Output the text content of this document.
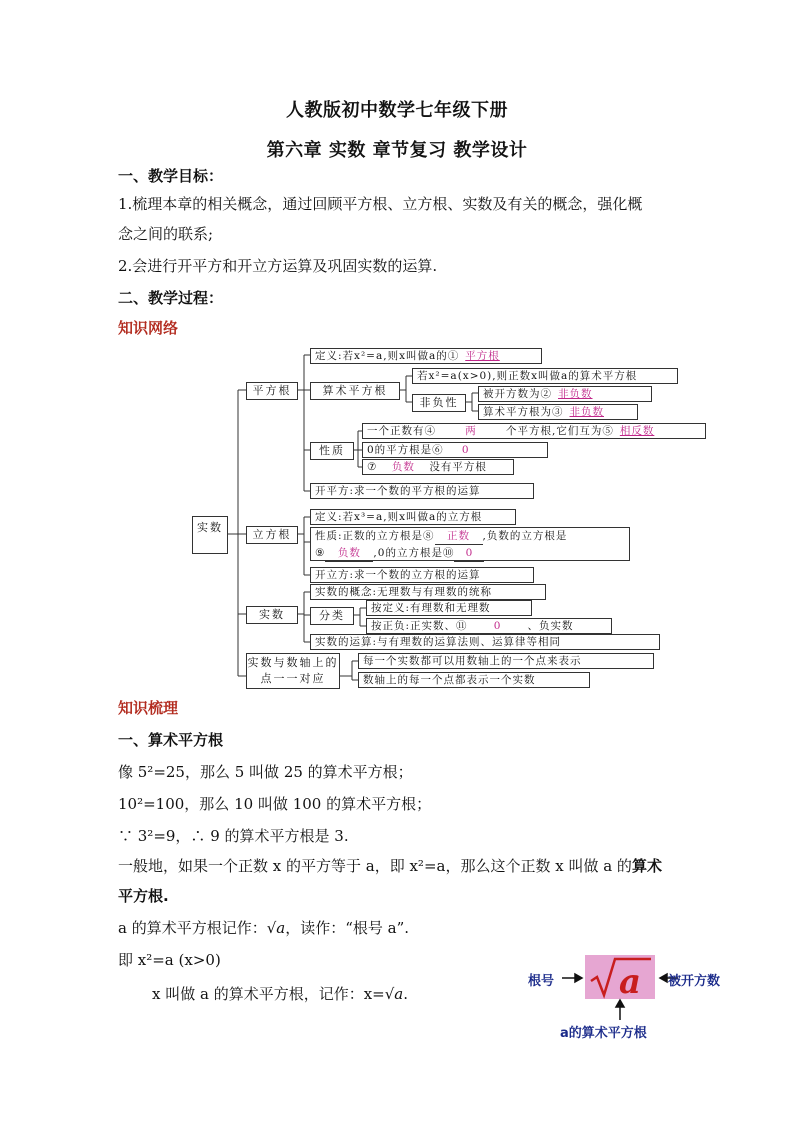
人教版初中数学七年级下册
第六章 实数 章节复习 教学设计
一、教学目标：
1.梳理本章的相关概念，通过回顾平方根、立方根、实数及有关的概念，强化概
念之间的联系;
2.会进行开平方和开立方运算及巩固实数的运算.
二、教学过程：
知识网络
实数
平方根
定义:若x²=a,则x叫做a的① 平方根
算术平方根
若x²=a(x>0),则正数x叫做a的算术平方根
非负性
被开方数为② 非负数
算术平方根为③ 非负数
性质
一个正数有④	两	个平方根,它们互为⑤ 相反数
0的平方根是⑥ 0
⑦ 负数 没有平方根
开平方:求一个数的平方根的运算
立方根
定义:若x³=a,则x叫做a的立方根
性质:正数的立方根是⑧ 正数 ,负数的立方根是
⑨ 负数 ,0的立方根是⑩ 0
开立方:求一个数的立方根的运算
实数
实数的概念:无理数与有理数的统称
分类
按定义:有理数和无理数
按正负:正实数、⑪ 0 、负实数
实数的运算:与有理数的运算法则、运算律等相同
实数与数轴上的点一一对应
每一个实数都可以用数轴上的一个点来表示
数轴上的每一个点都表示一个实数
知识梳理
一、算术平方根
像 5²=25，那么 5 叫做 25 的算术平方根；
10²=100，那么 10 叫做 100 的算术平方根；
∵ 3²=9，∴ 9 的算术平方根是 3.
一般地，如果一个正数 x 的平方等于 a，即 x²=a，那么这个正数 x 叫做 a 的算术
平方根.
a 的算术平方根记作：√a，读作：“根号 a”.
即 x²=a (x>0)
x 叫做 a 的算术平方根，记作：x=√a.	a
根号	被开方数
a的算术平方根
